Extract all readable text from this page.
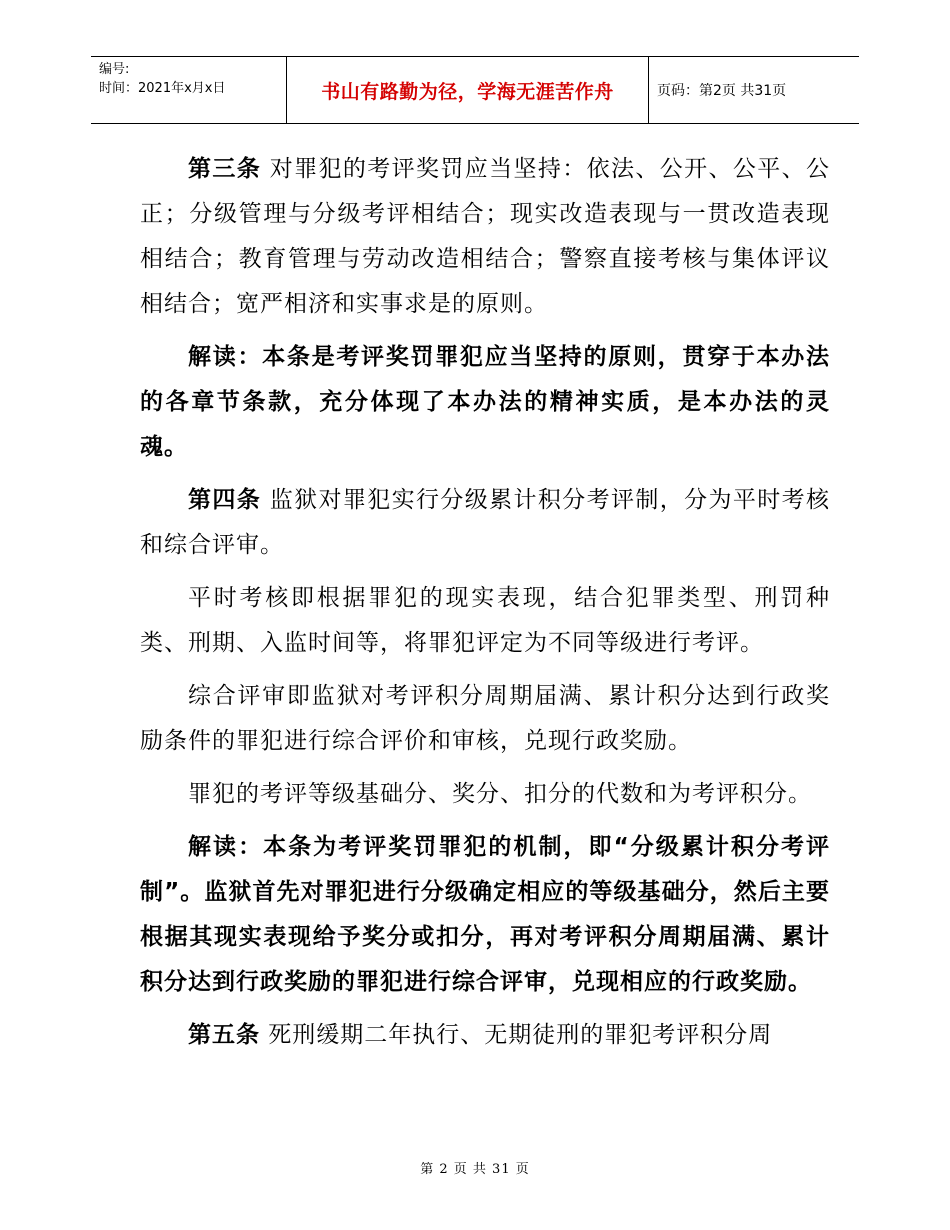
编号:
时间：2021年x月x日	书山有路勤为径，学海无涯苦作舟	页码：第2页 共31页

第三条 对罪犯的考评奖罚应当坚持：依法、公开、公平、公正；分级管理与分级考评相结合；现实改造表现与一贯改造表现相结合；教育管理与劳动改造相结合；警察直接考核与集体评议相结合；宽严相济和实事求是的原则。

解读：本条是考评奖罚罪犯应当坚持的原则，贯穿于本办法的各章节条款，充分体现了本办法的精神实质，是本办法的灵魂。

第四条 监狱对罪犯实行分级累计积分考评制，分为平时考核和综合评审。

平时考核即根据罪犯的现实表现，结合犯罪类型、刑罚种类、刑期、入监时间等，将罪犯评定为不同等级进行考评。

综合评审即监狱对考评积分周期届满、累计积分达到行政奖励条件的罪犯进行综合评价和审核，兑现行政奖励。

罪犯的考评等级基础分、奖分、扣分的代数和为考评积分。

解读：本条为考评奖罚罪犯的机制，即“分级累计积分考评制”。监狱首先对罪犯进行分级确定相应的等级基础分，然后主要根据其现实表现给予奖分或扣分，再对考评积分周期届满、累计积分达到行政奖励的罪犯进行综合评审，兑现相应的行政奖励。

第五条 死刑缓期二年执行、无期徒刑的罪犯考评积分周

第 2 页 共 31 页
